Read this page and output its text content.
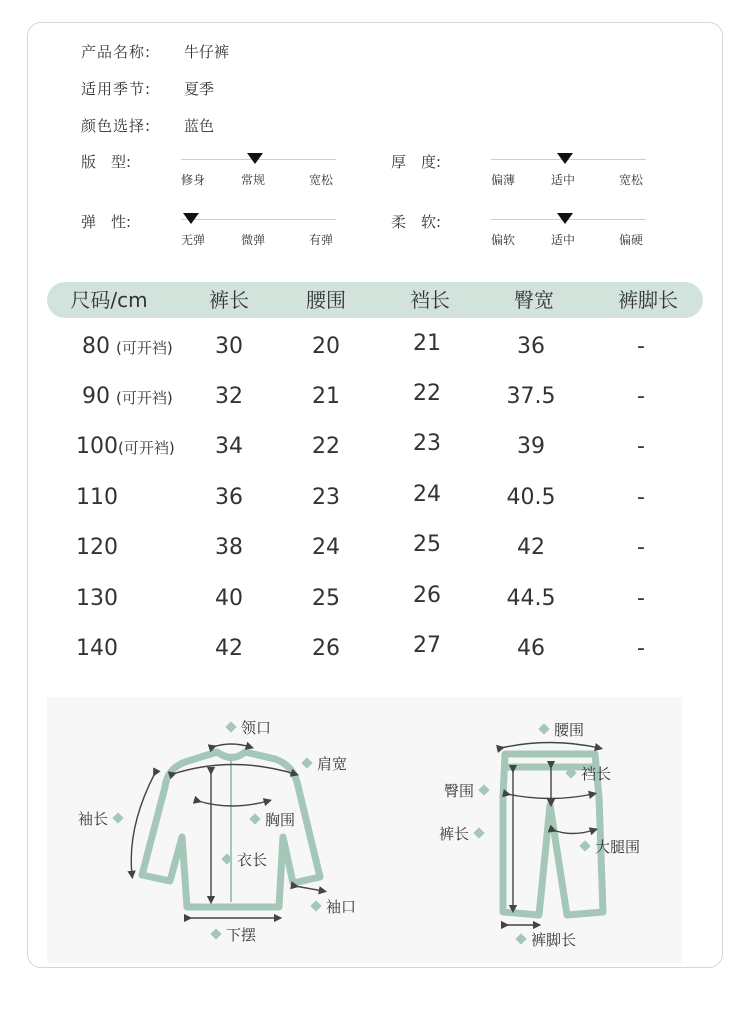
产品名称: 牛仔裤
适用季节: 夏季
颜色选择: 蓝色
版　型:
修身	常规	宽松
厚　度:
偏薄	适中	宽松
弹　性:
无弹	微弹	有弹
柔　软:
偏软	适中	偏硬
尺码/cm	裤长	腰围	裆长	臀宽	裤脚长
80 (可开裆) 30	20	21	36	-
90 (可开裆) 32	21	22	37.5	-
100(可开裆) 34	22	23	39	-
110	36	23	24	40.5	-
120	38	24	25	42	-
130	40	25	26	44.5	-
140	42	26	27	46	-
领口
肩宽
袖长	胸围
衣长
袖口
下摆
腰围
裆长
臀围
裤长
大腿围
裤脚长
